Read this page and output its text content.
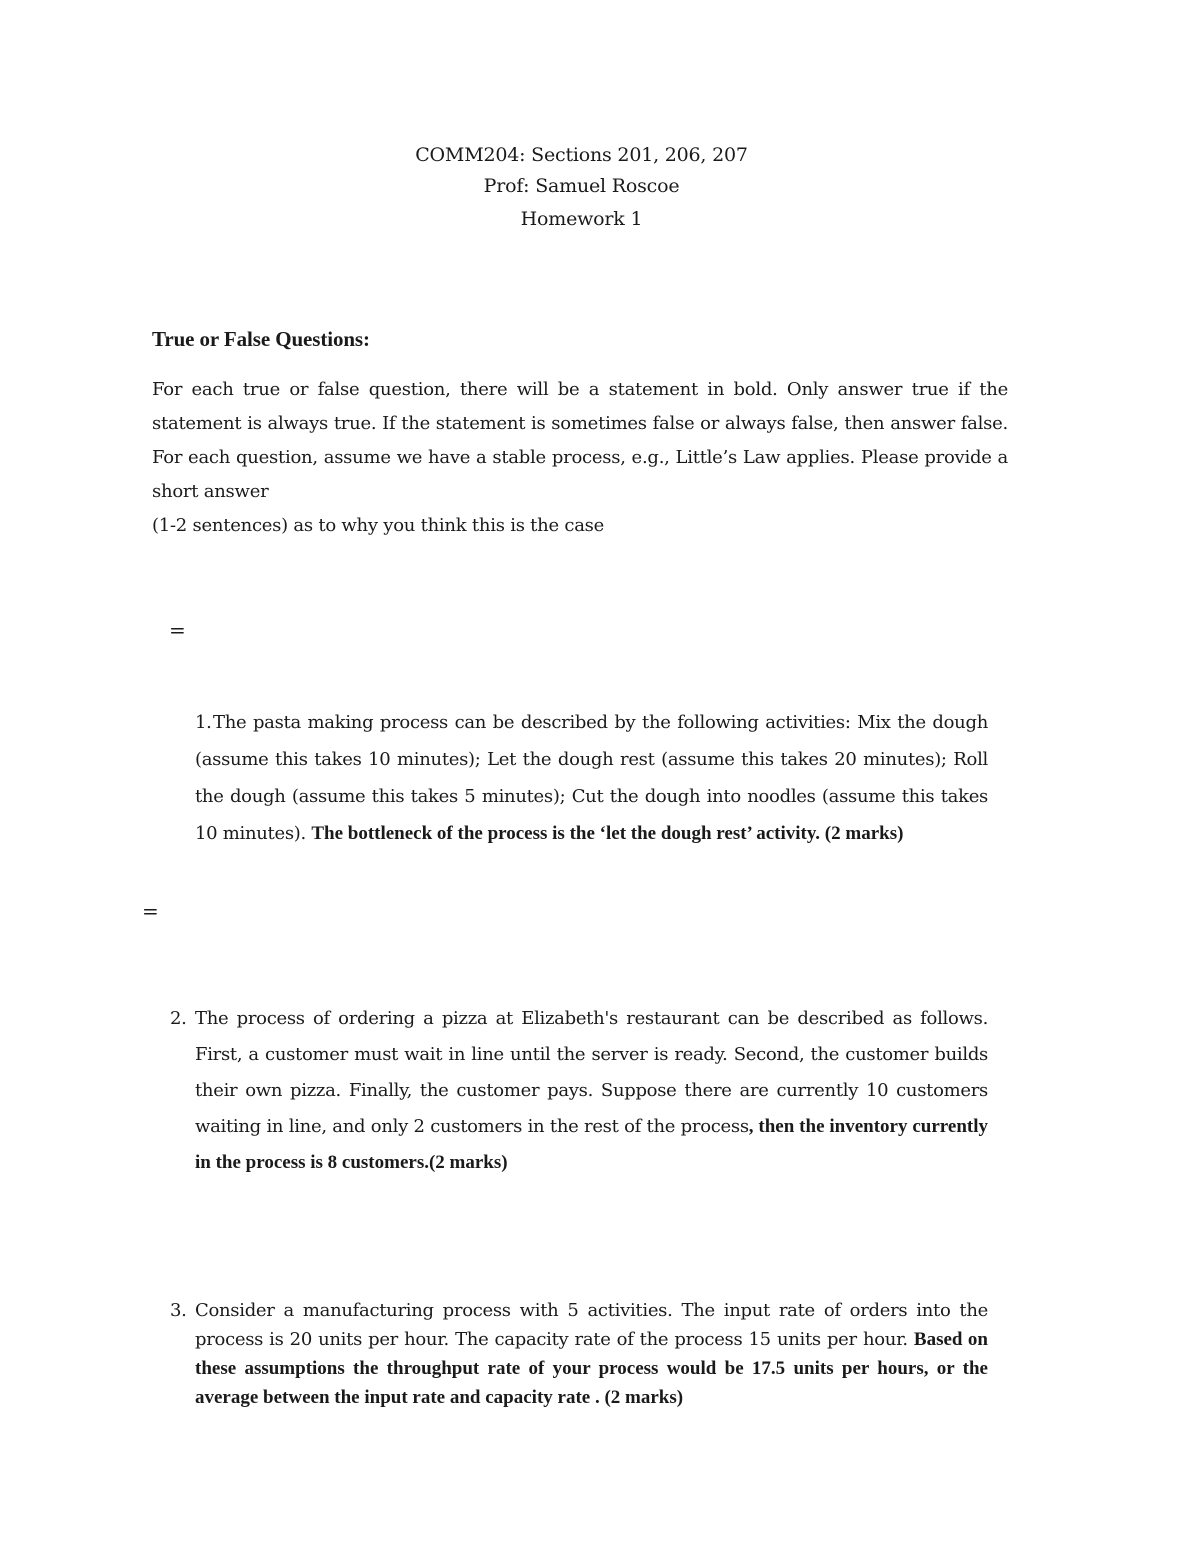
COMM204: Sections 201, 206, 207
Prof: Samuel Roscoe
Homework 1
True or False Questions:

For each true or false question, there will be a statement in bold. Only answer true if the statement is always true. If the statement is sometimes false or always false, then answer false. For each question, assume we have a stable process, e.g., Little’s Law applies. Please provide a short answer

(1-2 sentences) as to why you think this is the case

=
1. The pasta making process can be described by the following activities: Mix the dough (assume this takes 10 minutes); Let the dough rest (assume this takes 20 minutes); Roll the dough (assume this takes 5 minutes); Cut the dough into noodles (assume this takes 10 minutes). The bottleneck of the process is the ‘let the dough rest’ activity. (2 marks)
=
2. The process of ordering a pizza at Elizabeth's restaurant can be described as follows. First, a customer must wait in line until the server is ready. Second, the customer builds their own pizza. Finally, the customer pays. Suppose there are currently 10 customers waiting in line, and only 2 customers in the rest of the process, then the inventory currently in the process is 8 customers.(2 marks)
3. Consider a manufacturing process with 5 activities. The input rate of orders into the process is 20 units per hour. The capacity rate of the process 15 units per hour. Based on these assumptions the throughput rate of your process would be 17.5 units per hours, or the average between the input rate and capacity rate . (2 marks)
